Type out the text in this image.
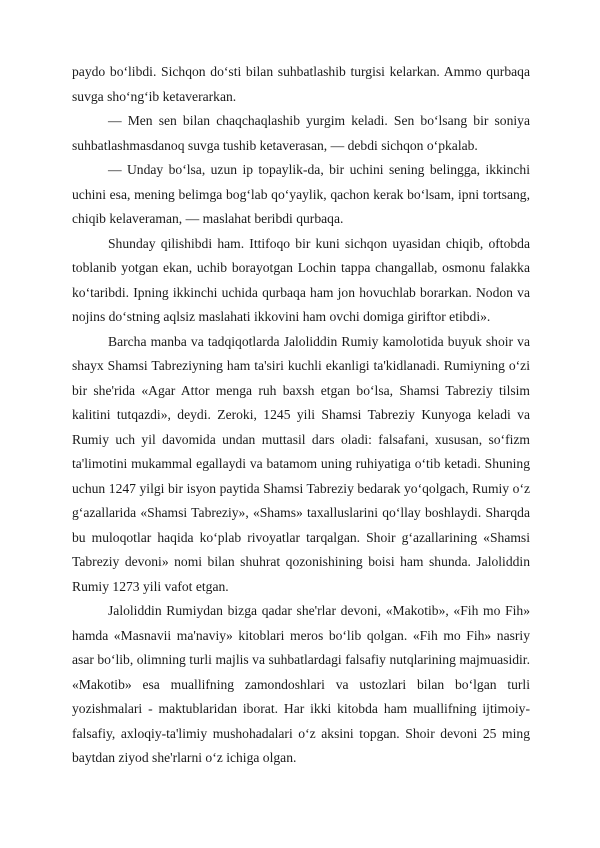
paydo bo‘libdi. Sichqon do‘sti bilan suhbatlashib turgisi kelarkan. Ammo qurbaqa suvga sho‘ng‘ib ketaverarkan.

— Men sen bilan chaqchaqlashib yurgim keladi. Sen bo‘lsang bir soniya suhbatlashmasdanoq suvga tushib ketaverasan, — debdi sichqon o‘pkalab.

— Unday bo‘lsa, uzun ip topaylik-da, bir uchini sening belingga, ikkinchi uchini esa, mening belimga bog‘lab qo‘yaylik, qachon kerak bo‘lsam, ipni tortsang, chiqib kelaveraman, — maslahat beribdi qurbaqa.

Shunday qilishibdi ham. Ittifoqo bir kuni sichqon uyasidan chiqib, oftobda toblanib yotgan ekan, uchib borayotgan Lochin tappa changallab, osmonu falakka ko‘taribdi. Ipning ikkinchi uchida qurbaqa ham jon hovuchlab borarkan. Nodon va nojins do‘stning aqlsiz maslahati ikkovini ham ovchi domiga giriftor etibdi».

Barcha manba va tadqiqotlarda Jaloliddin Rumiy kamolotida buyuk shoir va shayx Shamsi Tabreziyning ham ta'siri kuchli ekanligi ta'kidlanadi. Rumiyning o‘zi bir she'rida «Agar Attor menga ruh baxsh etgan bo‘lsa, Shamsi Tabreziy tilsim kalitini tutqazdi», deydi. Zeroki, 1245 yili Shamsi Tabreziy Kunyoga keladi va Rumiy uch yil davomida undan muttasil dars oladi: falsafani, xususan, so‘fizm ta'limotini mukammal egallaydi va batamom uning ruhiyatiga o‘tib ketadi. Shuning uchun 1247 yilgi bir isyon paytida Shamsi Tabreziy bedarak yo‘qolgach, Rumiy o‘z g‘azallarida «Shamsi Tabreziy», «Shams» taxalluslarini qo‘llay boshlaydi. Sharqda bu muloqotlar haqida ko‘plab rivoyatlar tarqalgan. Shoir g‘azallarining «Shamsi Tabreziy devoni» nomi bilan shuhrat qozonishining boisi ham shunda. Jaloliddin Rumiy 1273 yili vafot etgan.

Jaloliddin Rumiydan bizga qadar she'rlar devoni, «Makotib», «Fih mo Fih» hamda «Masnavii ma'naviy» kitoblari meros bo‘lib qolgan. «Fih mo Fih» nasriy asar bo‘lib, olimning turli majlis va suhbatlardagi falsafiy nutqlarining majmuasidir. «Makotib» esa muallifning zamondoshlari va ustozlari bilan bo‘lgan turli yozishmalari - maktublaridan iborat. Har ikki kitobda ham muallifning ijtimoiy-falsafiy, axloqiy-ta'limiy mushohadalari o‘z aksini topgan. Shoir devoni 25 ming baytdan ziyod she'rlarni o‘z ichiga olgan.
